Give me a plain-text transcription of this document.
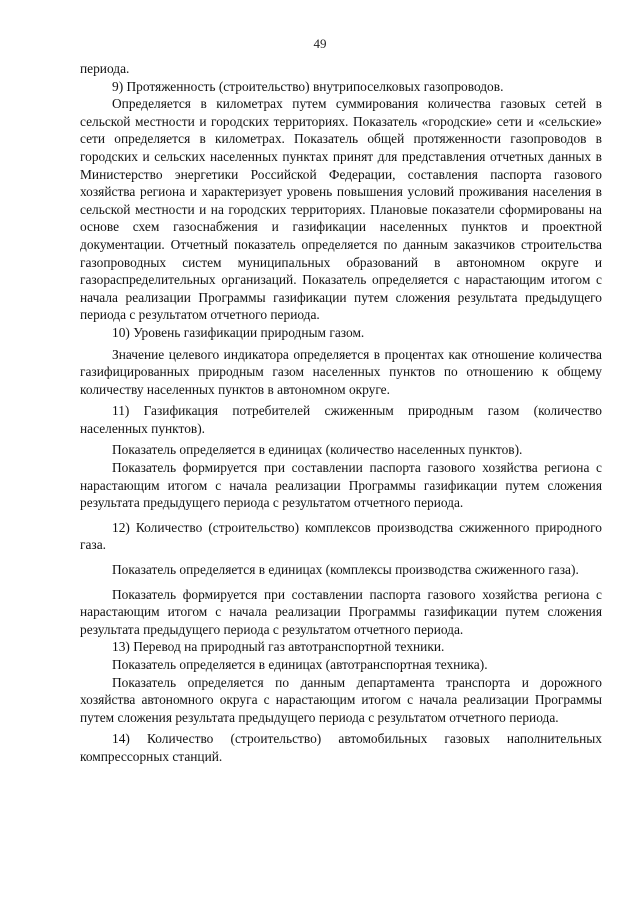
49

периода.

9) Протяженность (строительство) внутрипоселковых газопроводов.

Определяется в километрах путем суммирования количества газовых сетей в сельской местности и городских территориях. Показатель «городские» сети и «сельские» сети определяется в километрах. Показатель общей протяженности газопроводов в городских и сельских населенных пунктах принят для представления отчетных данных в Министерство энергетики Российской Федерации, составления паспорта газового хозяйства региона и характеризует уровень повышения условий проживания населения в сельской местности и на городских территориях. Плановые показатели сформированы на основе схем газоснабжения и газификации населенных пунктов и проектной документации. Отчетный показатель определяется по данным заказчиков строительства газопроводных систем муниципальных образований в автономном округе и газораспределительных организаций. Показатель определяется с нарастающим итогом с начала реализации Программы газификации путем сложения результата предыдущего периода с результатом отчетного периода.

10) Уровень газификации природным газом.

Значение целевого индикатора определяется в процентах как отношение количества газифицированных природным газом населенных пунктов по отношению к общему количеству населенных пунктов в автономном округе.

11) Газификация потребителей сжиженным природным газом (количество населенных пунктов).

Показатель определяется в единицах (количество населенных пунктов).

Показатель формируется при составлении паспорта газового хозяйства региона с нарастающим итогом с начала реализации Программы газификации путем сложения результата предыдущего периода с результатом отчетного периода.

12) Количество (строительство) комплексов производства сжиженного природного газа.

Показатель определяется в единицах (комплексы производства сжиженного газа).

Показатель формируется при составлении паспорта газового хозяйства региона с нарастающим итогом с начала реализации Программы газификации путем сложения результата предыдущего периода с результатом отчетного периода.

13) Перевод на природный газ автотранспортной техники.

Показатель определяется в единицах (автотранспортная техника).

Показатель определяется по данным департамента транспорта и дорожного хозяйства автономного округа с нарастающим итогом с начала реализации Программы путем сложения результата предыдущего периода с результатом отчетного периода.

14) Количество (строительство) автомобильных газовых наполнительных компрессорных станций.
